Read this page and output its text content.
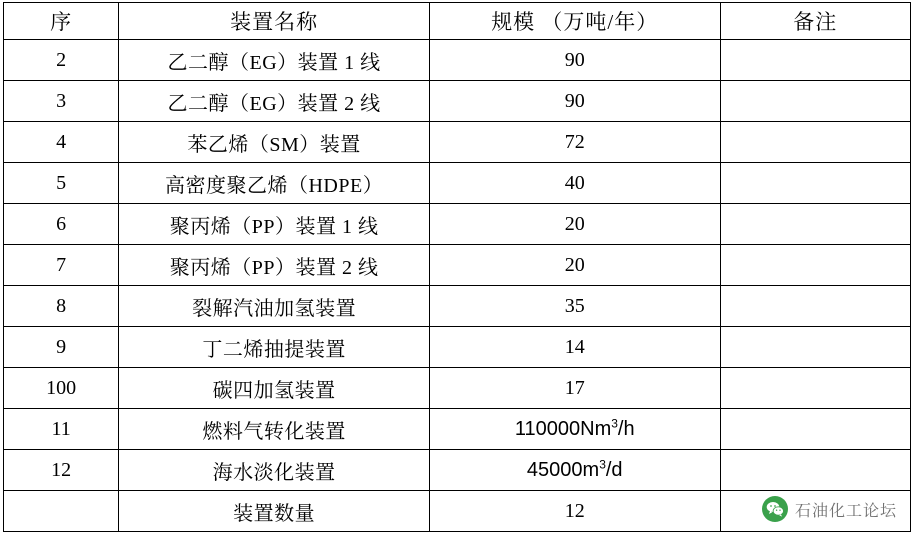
序	装置名称	规模 （万吨/年）	备注
2	乙二醇（EG）装置 1 线	90	
3	乙二醇（EG）装置 2 线	90	
4	苯乙烯（SM）装置	72	
5	高密度聚乙烯（HDPE）	40	
6	聚丙烯（PP）装置 1 线	20	
7	聚丙烯（PP）装置 2 线	20	
8	裂解汽油加氢装置	35	
9	丁二烯抽提装置	14	
100	碳四加氢装置	17	
11	燃料气转化装置	110000Nm$^3$/h	
12	海水淡化装置	$45000m^3/d$	
	装置数量	12		石油化工论坛
